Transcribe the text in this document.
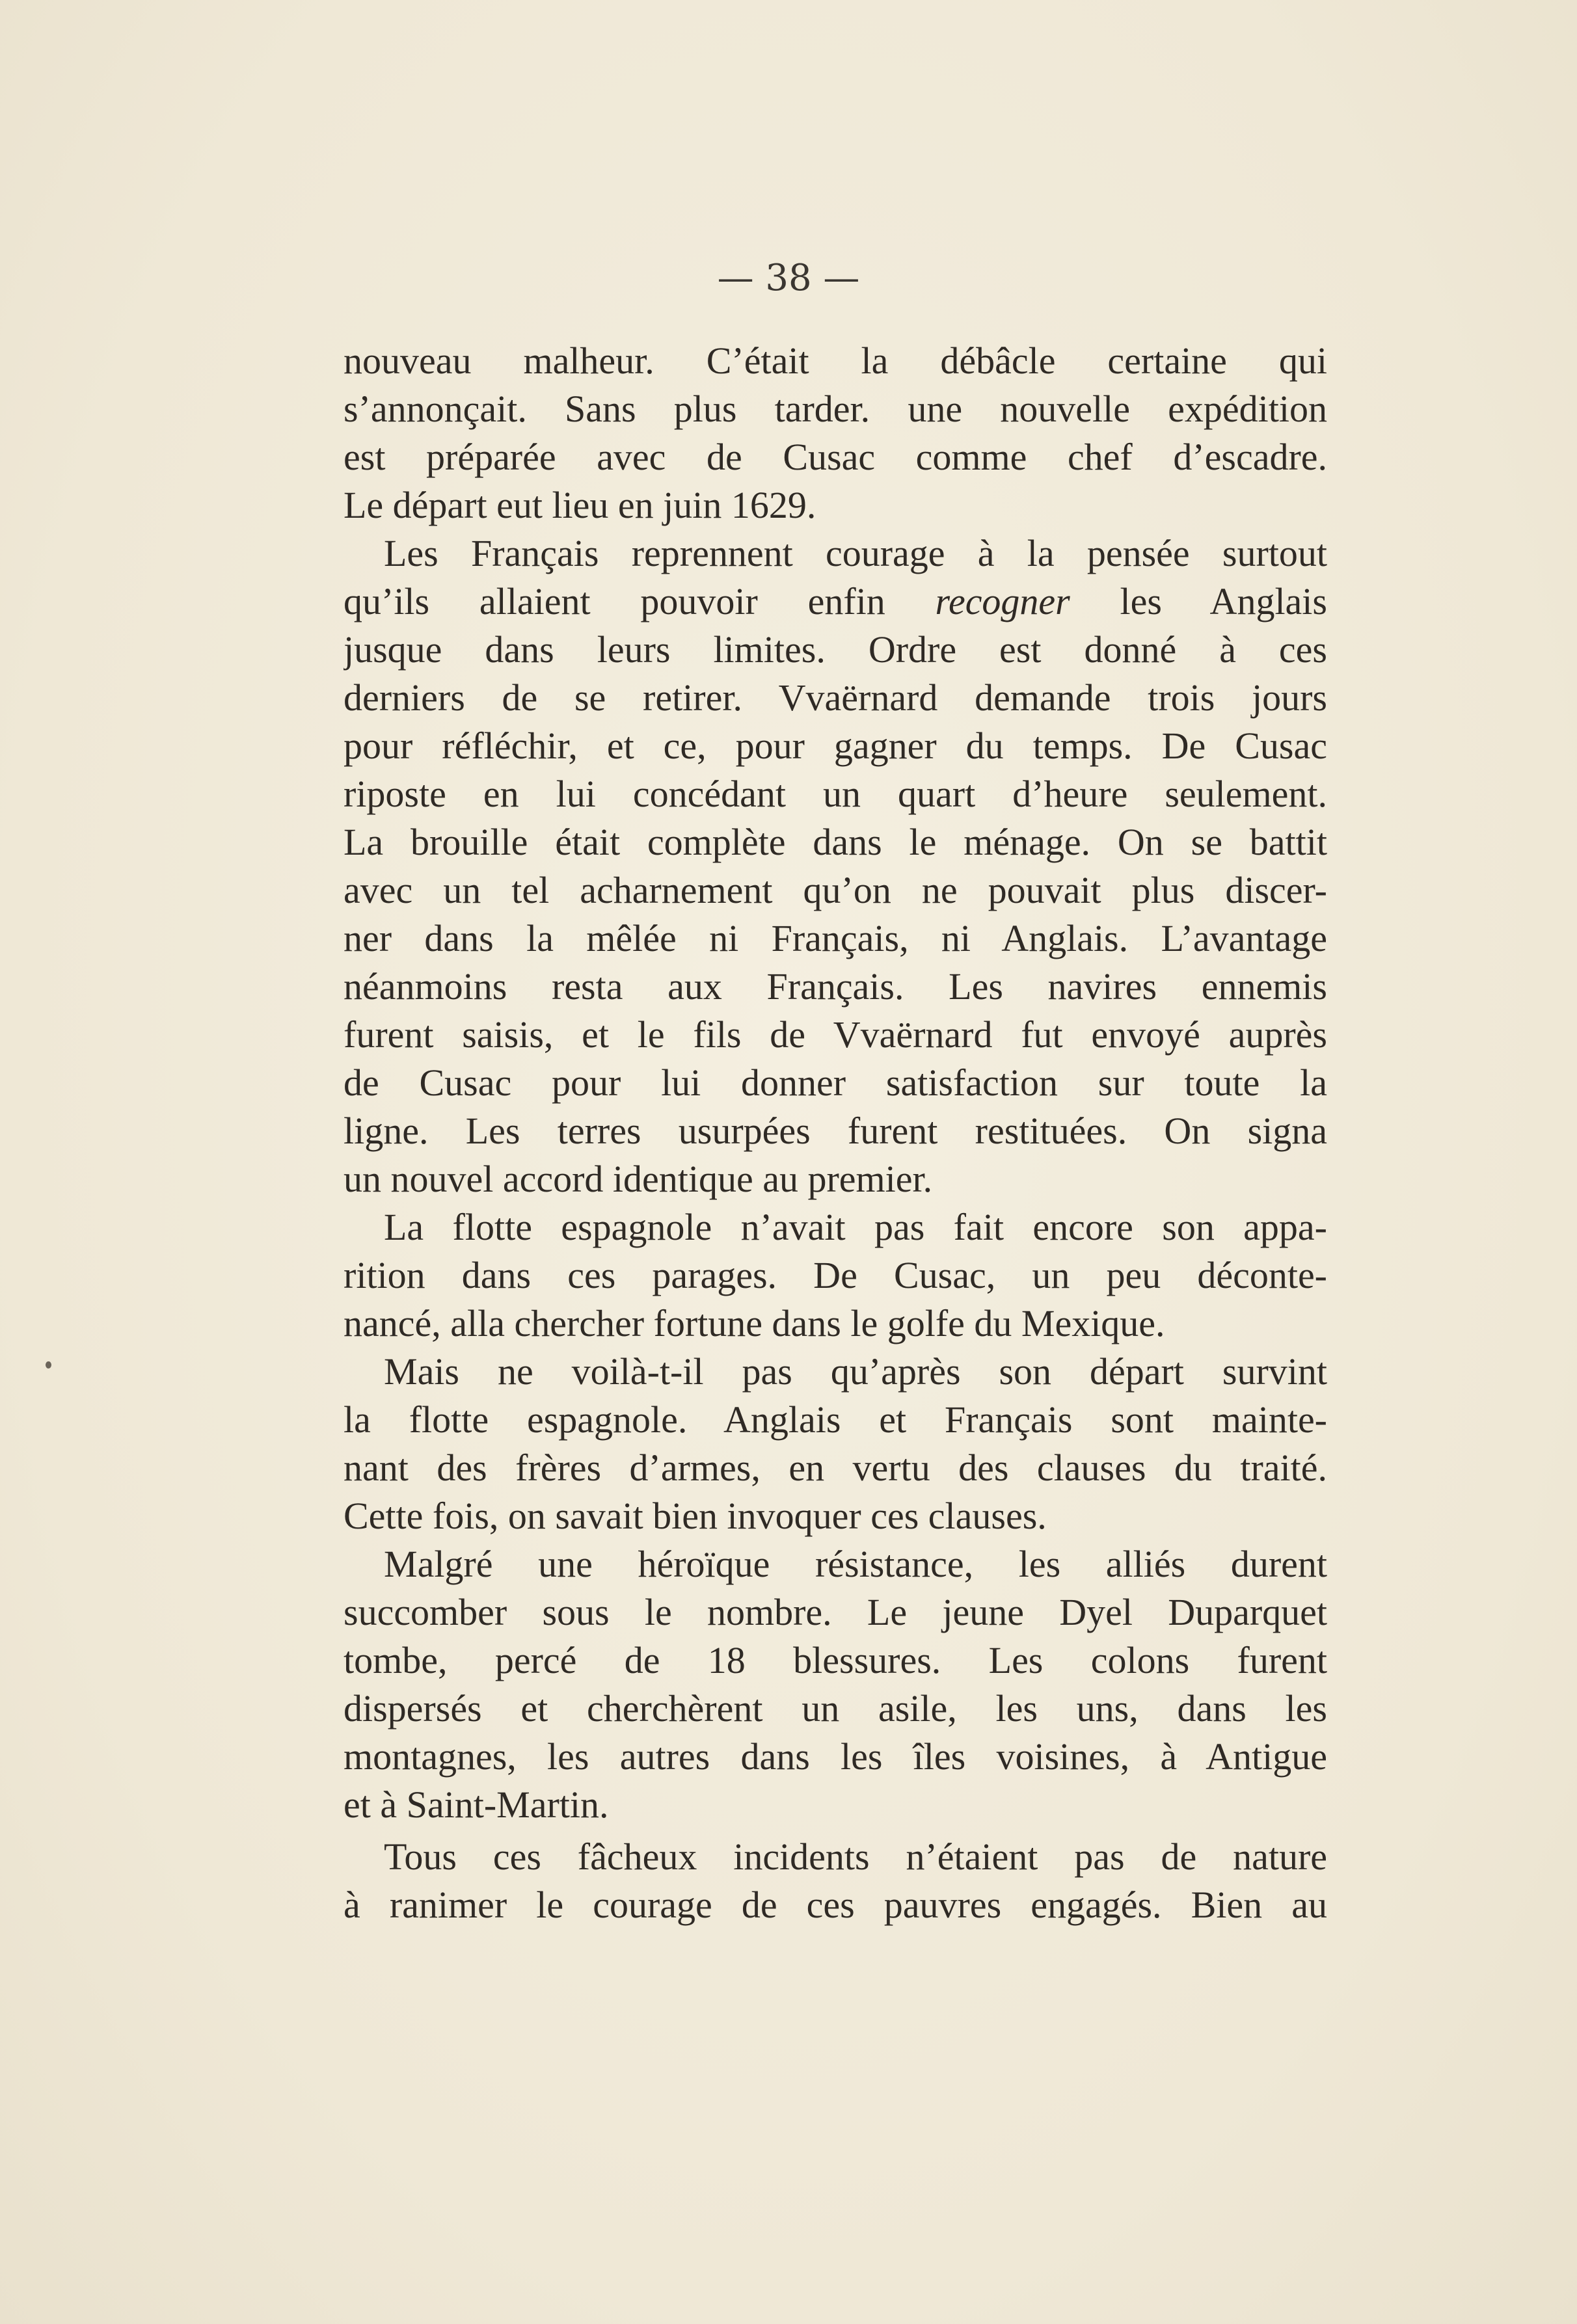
— 38 —
nouveau malheur. C’était la débâcle certaine qui
s’annonçait. Sans plus tarder. une nouvelle expédition
est préparée avec de Cusac comme chef d’escadre.
Le départ eut lieu en juin 1629.
Les Français reprennent courage à la pensée surtout
qu’ils allaient pouvoir enfin recogner les Anglais
jusque dans leurs limites. Ordre est donné à ces
derniers de se retirer. Vvaërnard demande trois jours
pour réfléchir, et ce, pour gagner du temps. De Cusac
riposte en lui concédant un quart d’heure seulement.
La brouille était complète dans le ménage. On se battit
avec un tel acharnement qu’on ne pouvait plus discer-
ner dans la mêlée ni Français, ni Anglais. L’avantage
néanmoins resta aux Français. Les navires ennemis
furent saisis, et le fils de Vvaërnard fut envoyé auprès
de Cusac pour lui donner satisfaction sur toute la
ligne. Les terres usurpées furent restituées. On signa
un nouvel accord identique au premier.
La flotte espagnole n’avait pas fait encore son appa-
rition dans ces parages. De Cusac, un peu déconte-
nancé, alla chercher fortune dans le golfe du Mexique.
Mais ne voilà-t-il pas qu’après son départ survint
la flotte espagnole. Anglais et Français sont mainte-
nant des frères d’armes, en vertu des clauses du traité.
Cette fois, on savait bien invoquer ces clauses.
Malgré une héroïque résistance, les alliés durent
succomber sous le nombre. Le jeune Dyel Duparquet
tombe, percé de 18 blessures. Les colons furent
dispersés et cherchèrent un asile, les uns, dans les
montagnes, les autres dans les îles voisines, à Antigue
et à Saint-Martin.
Tous ces fâcheux incidents n’étaient pas de nature
à ranimer le courage de ces pauvres engagés. Bien au
